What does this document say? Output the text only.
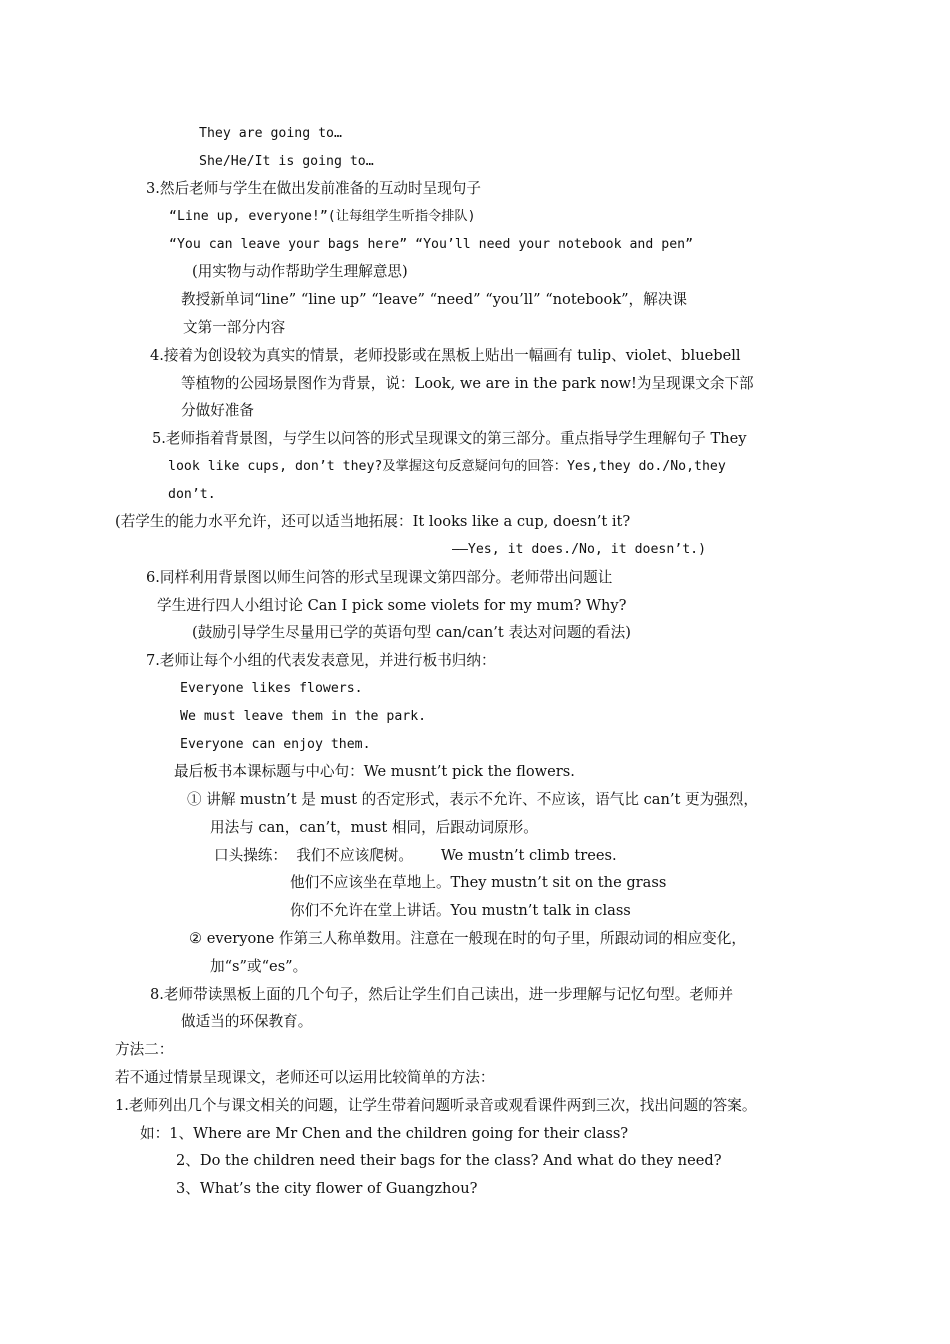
They are going to…
She/He/It is going to…
3.然后老师与学生在做出发前准备的互动时呈现句子
“Line up, everyone!”(让每组学生听指令排队)
“You can leave your bags here” “You’ll need your notebook and pen”
(用实物与动作帮助学生理解意思)
教授新单词“line” “line up” “leave” “need” “you’ll” “notebook”，解决课
文第一部分内容
4.接着为创设较为真实的情景，老师投影或在黑板上贴出一幅画有 tulip、violet、bluebell
等植物的公园场景图作为背景，说：Look, we are in the park now!为呈现课文余下部
分做好准备
5.老师指着背景图，与学生以问答的形式呈现课文的第三部分。重点指导学生理解句子 They
look like cups, don’t they?及掌握这句反意疑问句的回答：Yes,they do./No,they
don’t.
(若学生的能力水平允许，还可以适当地拓展：It looks like a cup, doesn’t it?
——Yes, it does./No, it doesn’t.)
6.同样利用背景图以师生问答的形式呈现课文第四部分。老师带出问题让
学生进行四人小组讨论 Can I pick some violets for my mum? Why?
(鼓励引导学生尽量用已学的英语句型 can/can’t 表达对问题的看法)
7.老师让每个小组的代表发表意见，并进行板书归纳：
Everyone likes flowers.
We must leave them in the park.
Everyone can enjoy them.
最后板书本课标题与中心句：We musnt’t pick the flowers.
① 讲解 mustn’t 是 must 的否定形式，表示不允许、不应该，语气比 can’t 更为强烈，
用法与 can，can’t，must 相同，后跟动词原形。
口头操练：  我们不应该爬树。      We mustn’t climb trees.
他们不应该坐在草地上。They mustn’t sit on the grass
你们不允许在堂上讲话。You mustn’t talk in class
② everyone 作第三人称单数用。注意在一般现在时的句子里，所跟动词的相应变化，
加“s”或“es”。
8.老师带读黑板上面的几个句子，然后让学生们自己读出，进一步理解与记忆句型。老师并
做适当的环保教育。
方法二：
若不通过情景呈现课文，老师还可以运用比较简单的方法：
1.老师列出几个与课文相关的问题，让学生带着问题听录音或观看课件两到三次，找出问题的答案。
如：1、Where are Mr Chen and the children going for their class?
2、Do the children need their bags for the class? And what do they need?
3、What’s the city flower of Guangzhou?
